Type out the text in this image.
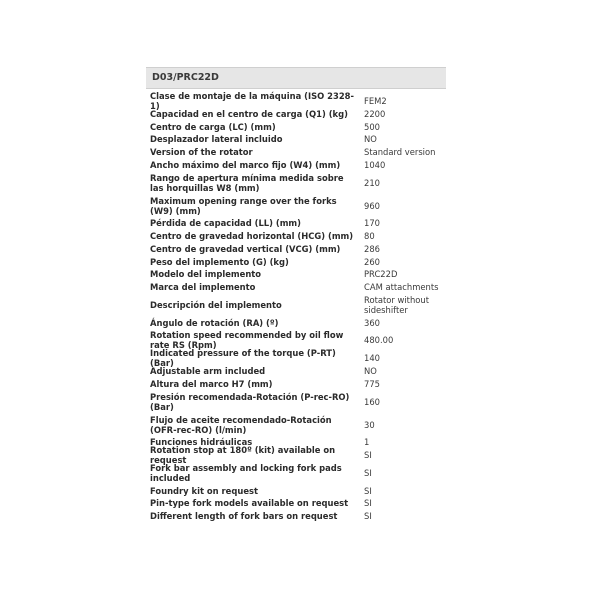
D03/PRC22D
Clase de montaje de la máquina (ISO 2328-1)	FEM2
Capacidad en el centro de carga (Q1) (kg)	2200
Centro de carga (LC) (mm)	500
Desplazador lateral incluido	NO
Version of the rotator	Standard version
Ancho máximo del marco fijo (W4) (mm)	1040
Rango de apertura mínima medida sobre las horquillas W8 (mm)	210
Maximum opening range over the forks (W9) (mm)	960
Pérdida de capacidad (LL) (mm)	170
Centro de gravedad horizontal (HCG) (mm)	80
Centro de gravedad vertical (VCG) (mm)	286
Peso del implemento (G) (kg)	260
Modelo del implemento	PRC22D
Marca del implemento	CAM attachments
Descripción del implemento	Rotator without sideshifter
Ángulo de rotación (RA) (º)	360
Rotation speed recommended by oil flow rate RS (Rpm)	480.00
Indicated pressure of the torque (P-RT) (Bar)	140
Adjustable arm included	NO
Altura del marco H7 (mm)	775
Presión recomendada-Rotación (P-rec-RO) (Bar)	160
Flujo de aceite recomendado-Rotación (OFR-rec-RO) (l/min)	30
Funciones hidráulicas	1
Rotation stop at 180º (kit) available on request	SI
Fork bar assembly and locking fork pads included	SI
Foundry kit on request	SI
Pin-type fork models available on request	SI
Different length of fork bars on request	SI
